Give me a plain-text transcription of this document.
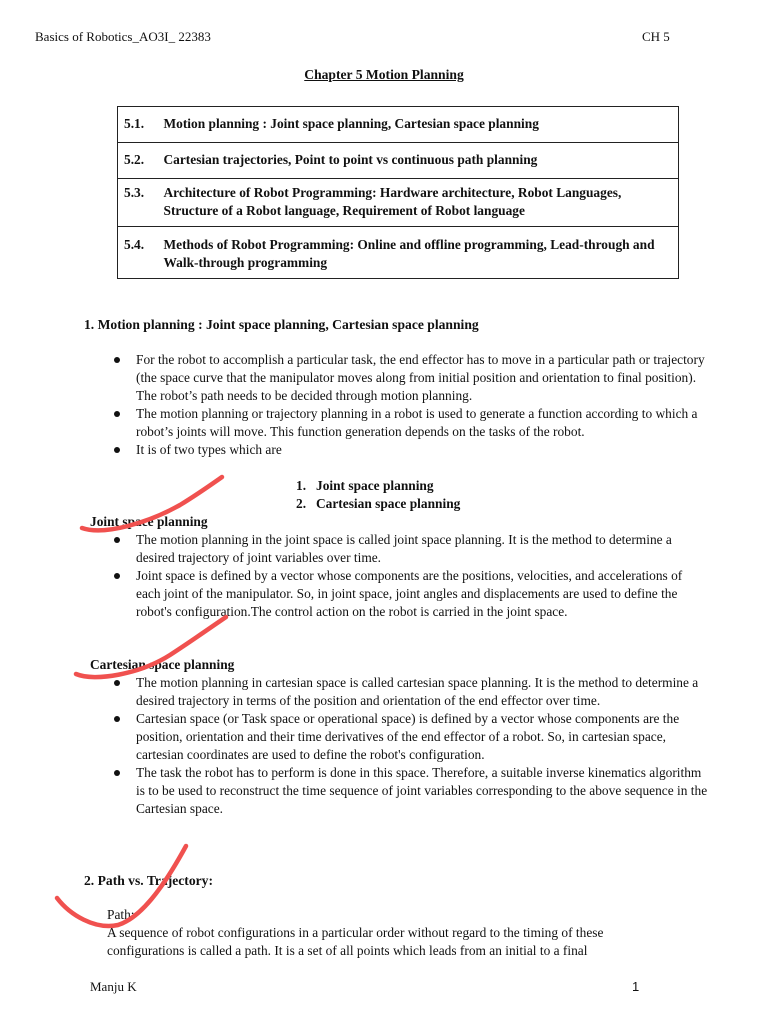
Basics of Robotics_AO3I_ 22383	CH 5
Chapter 5 Motion Planning
5.1.	Motion planning : Joint space planning, Cartesian space planning
5.2.	Cartesian trajectories, Point to point vs continuous path planning
5.3.	Architecture of Robot Programming: Hardware architecture, Robot Languages, Structure of a Robot language, Requirement of Robot language
5.4.	Methods of Robot Programming: Online and offline programming, Lead-through and Walk-through programming
1. Motion planning : Joint space planning, Cartesian space planning
For the robot to accomplish a particular task, the end effector has to move in a particular path or trajectory (the space curve that the manipulator moves along from initial position and orientation to final position). The robot’s path needs to be decided through motion planning.
The motion planning or trajectory planning in a robot is used to generate a function according to which a robot’s joints will move. This function generation depends on the tasks of the robot.
It is of two types which are
1. Joint space planning
2. Cartesian space planning
Joint space planning
The motion planning in the joint space is called joint space planning. It is the method to determine a desired trajectory of joint variables over time.
Joint space is defined by a vector whose components are the positions, velocities, and accelerations of each joint of the manipulator. So, in joint space, joint angles and displacements are used to define the robot's configuration.The control action on the robot is carried in the joint space.
Cartesian space planning
The motion planning in cartesian space is called cartesian space planning. It is the method to determine a desired trajectory in terms of the position and orientation of the end effector over time.
Cartesian space (or Task space or operational space) is defined by a vector whose components are the position, orientation and their time derivatives of the end effector of a robot. So, in cartesian space, cartesian coordinates are used to define the robot's configuration.
The task the robot has to perform is done in this space. Therefore, a suitable inverse kinematics algorithm is to be used to reconstruct the time sequence of joint variables corresponding to the above sequence in the Cartesian space.
2. Path vs. Trajectory:
Path:
A sequence of robot configurations in a particular order without regard to the timing of these configurations is called a path. It is a set of all points which leads from an initial to a final
Manju K	1
